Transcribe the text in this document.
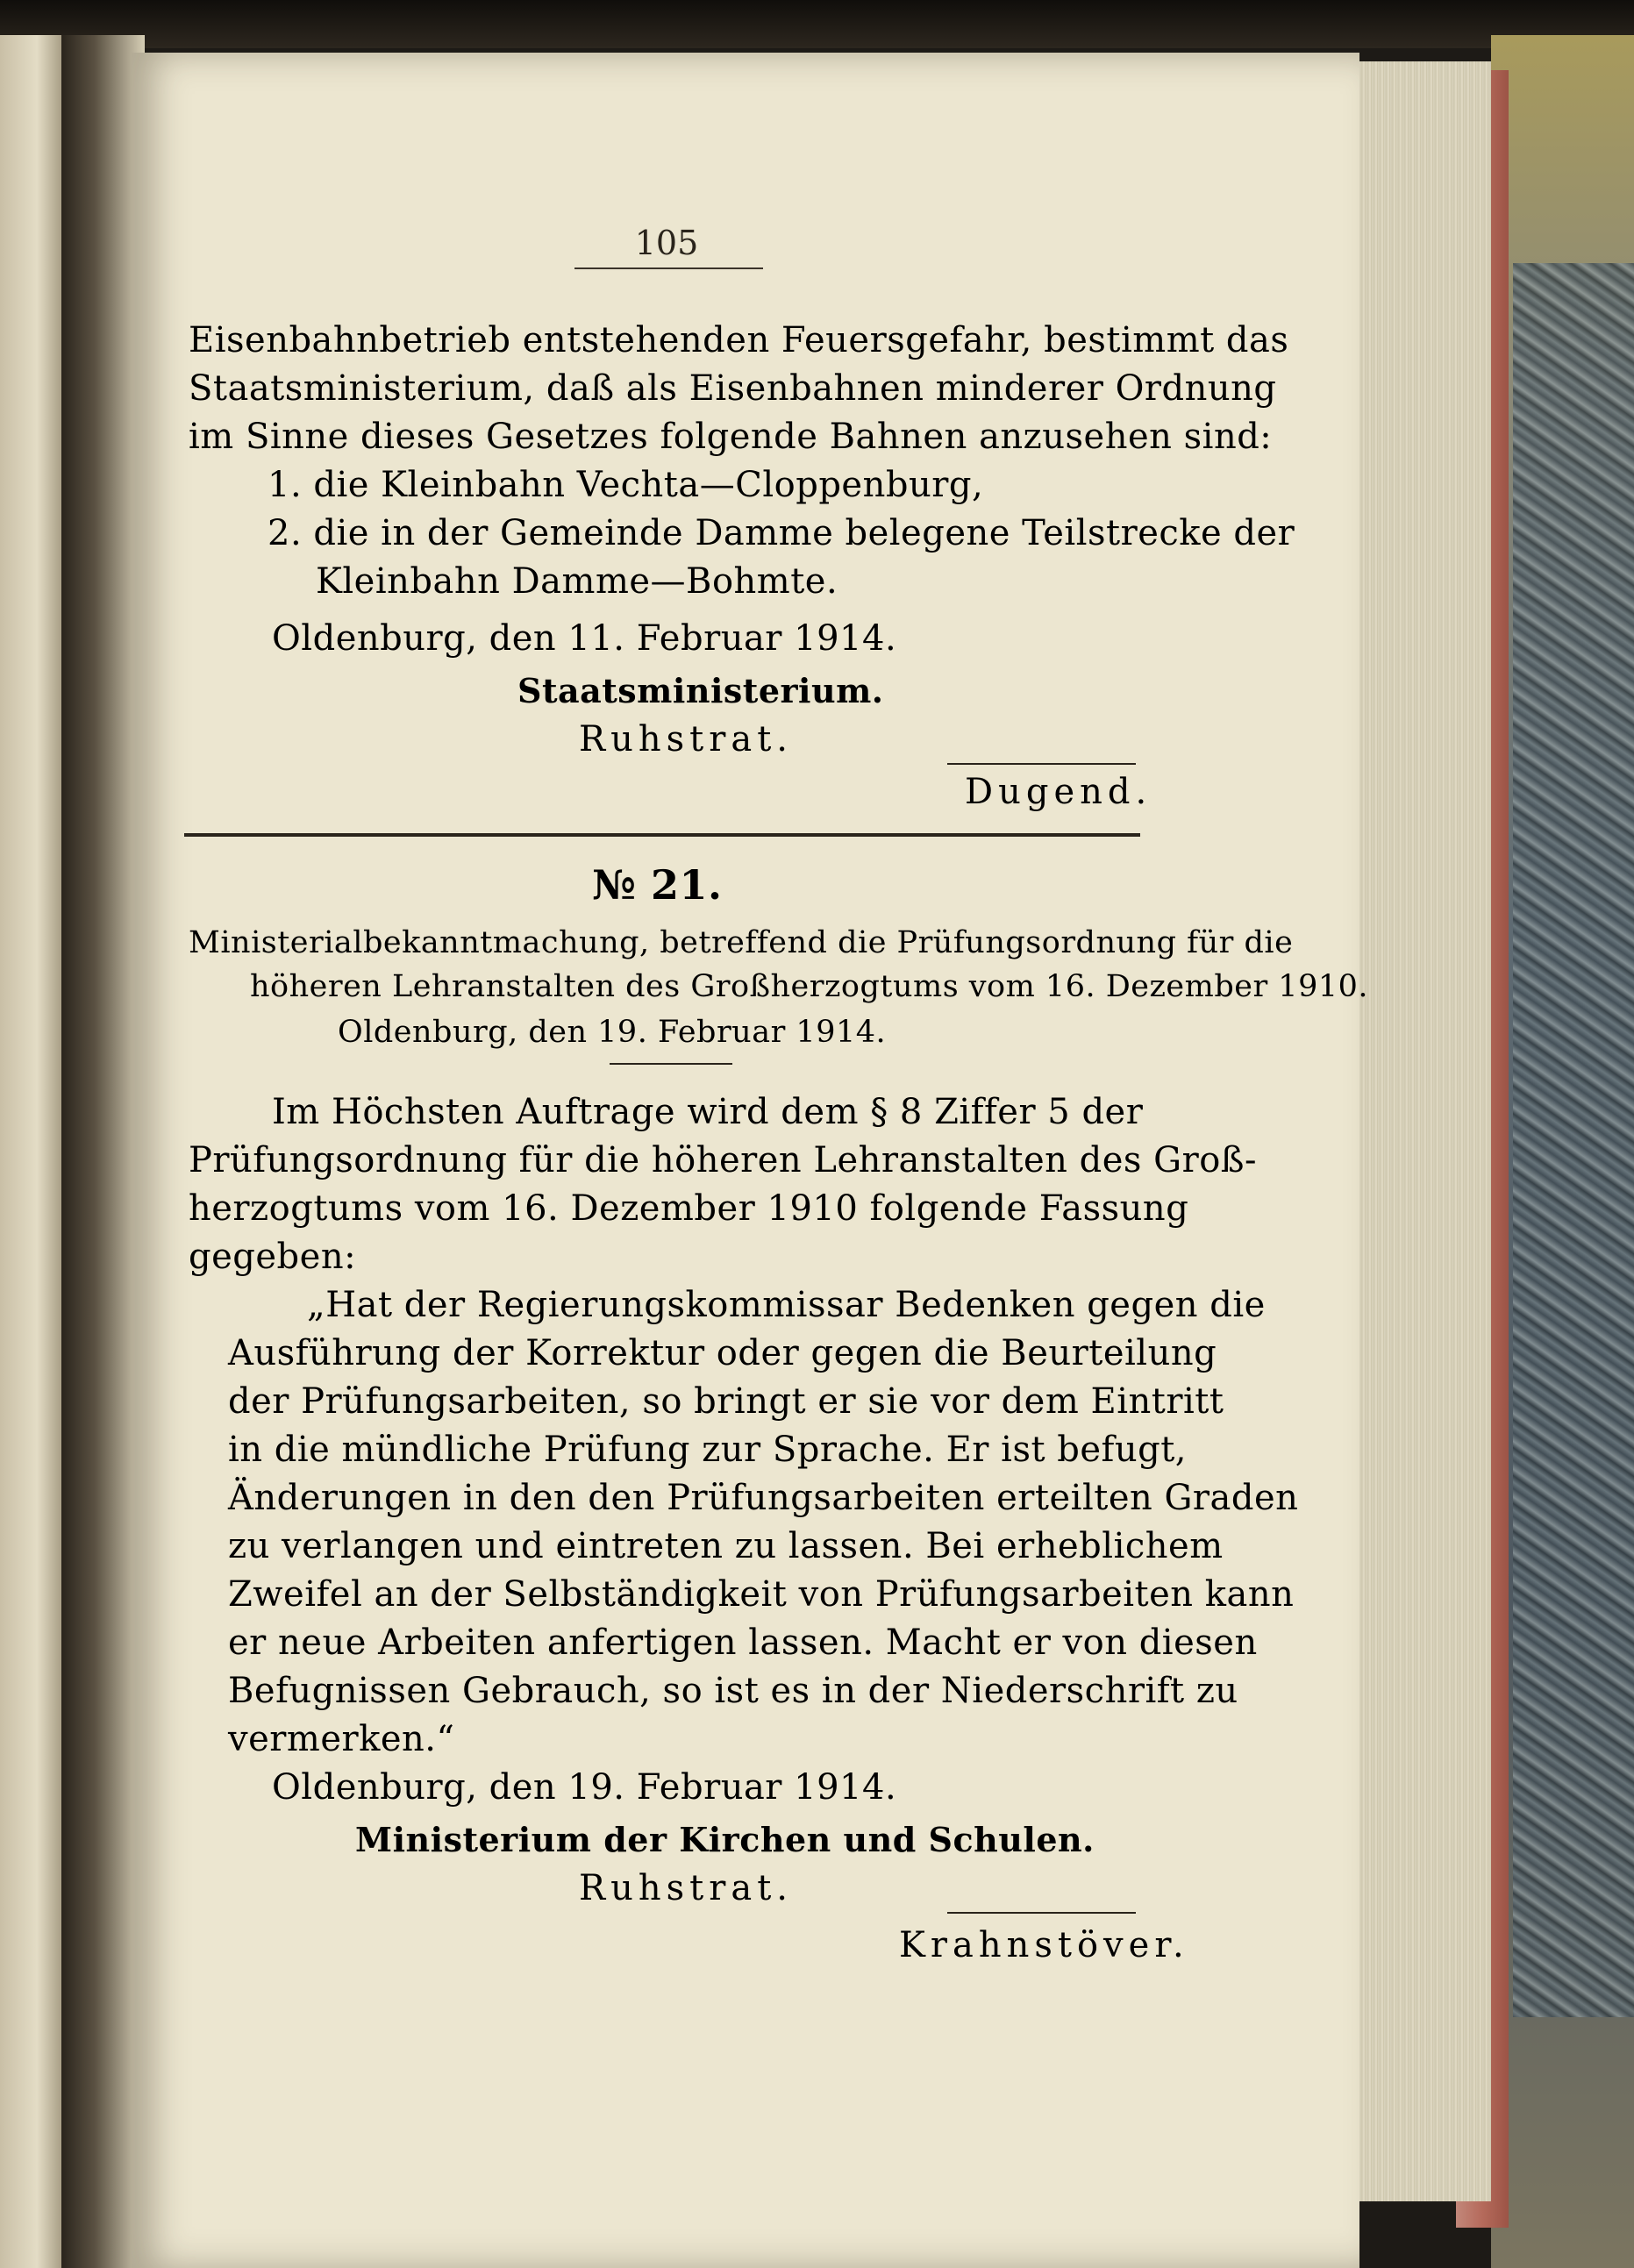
105
Eisenbahnbetrieb entstehenden Feuersgefahr, bestimmt das
Staatsministerium, daß als Eisenbahnen minderer Ordnung
im Sinne dieses Gesetzes folgende Bahnen anzusehen sind:
1. die Kleinbahn Vechta—Cloppenburg,
2. die in der Gemeinde Damme belegene Teilstrecke der
Kleinbahn Damme—Bohmte.
Oldenburg, den 11. Februar 1914.
Staatsministerium.
Ruhstrat.
Dugend.
№ 21.
Ministerialbekanntmachung, betreffend die Prüfungsordnung für die
höheren Lehranstalten des Großherzogtums vom 16. Dezember 1910.
Oldenburg, den 19. Februar 1914.
Im Höchsten Auftrage wird dem § 8 Ziffer 5 der
Prüfungsordnung für die höheren Lehranstalten des Groß-
herzogtums vom 16. Dezember 1910 folgende Fassung
gegeben:
„Hat der Regierungskommissar Bedenken gegen die
Ausführung der Korrektur oder gegen die Beurteilung
der Prüfungsarbeiten, so bringt er sie vor dem Eintritt
in die mündliche Prüfung zur Sprache. Er ist befugt,
Änderungen in den den Prüfungsarbeiten erteilten Graden
zu verlangen und eintreten zu lassen. Bei erheblichem
Zweifel an der Selbständigkeit von Prüfungsarbeiten kann
er neue Arbeiten anfertigen lassen. Macht er von diesen
Befugnissen Gebrauch, so ist es in der Niederschrift zu
vermerken.“
Oldenburg, den 19. Februar 1914.
Ministerium der Kirchen und Schulen.
Ruhstrat.
Krahnstöver.
